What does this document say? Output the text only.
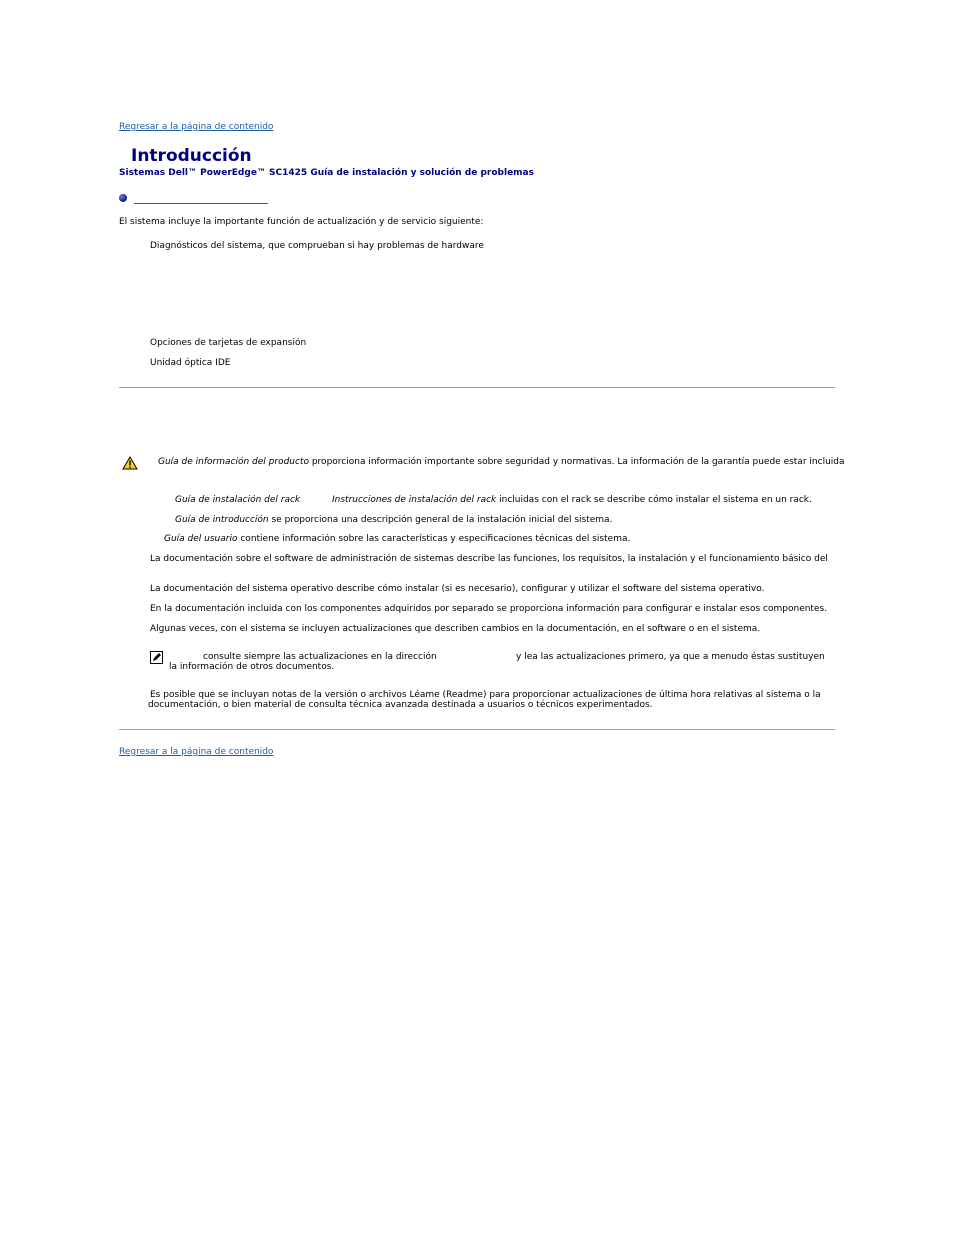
Regresar a la página de contenido
Introducción
Sistemas Dell™ PowerEdge™ SC1425 Guía de instalación y solución de problemas
El sistema incluye la importante función de actualización y de servicio siguiente:
Diagnósticos del sistema, que comprueban si hay problemas de hardware
Opciones de tarjetas de expansión
Unidad óptica IDE
Guía de información del producto proporciona información importante sobre seguridad y normativas. La información de la garantía puede estar incluida
Guía de instalación del rack	Instrucciones de instalación del rack incluidas con el rack se describe cómo instalar el sistema en un rack.
Guía de introducción se proporciona una descripción general de la instalación inicial del sistema.
Guía del usuario contiene información sobre las características y especificaciones técnicas del sistema.
La documentación sobre el software de administración de sistemas describe las funciones, los requisitos, la instalación y el funcionamiento básico del
La documentación del sistema operativo describe cómo instalar (si es necesario), configurar y utilizar el software del sistema operativo.
En la documentación incluida con los componentes adquiridos por separado se proporciona información para configurar e instalar esos componentes.
Algunas veces, con el sistema se incluyen actualizaciones que describen cambios en la documentación, en el software o en el sistema.
consulte siempre las actualizaciones en la dirección	y lea las actualizaciones primero, ya que a menudo éstas sustituyen
la información de otros documentos.
Es posible que se incluyan notas de la versión o archivos Léame (Readme) para proporcionar actualizaciones de última hora relativas al sistema o la
documentación, o bien material de consulta técnica avanzada destinada a usuarios o técnicos experimentados.
Regresar a la página de contenido
